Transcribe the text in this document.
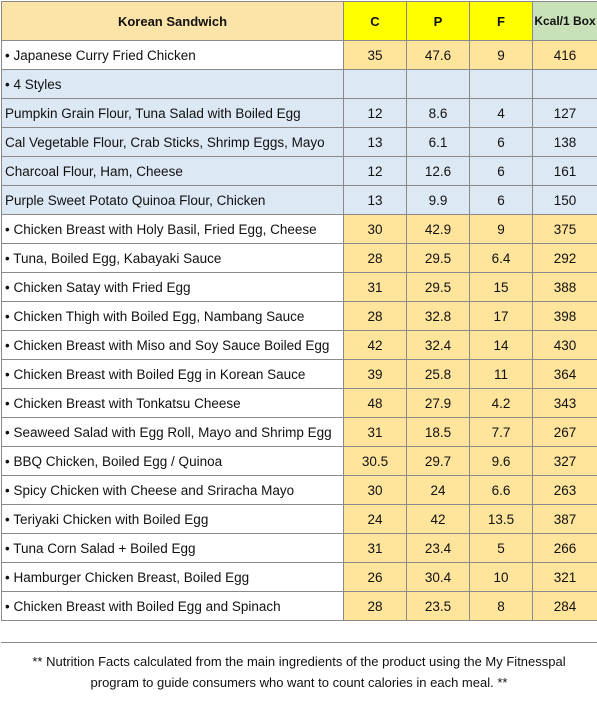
Korean Sandwich	C	P	F	Kcal/1 Box
• Japanese Curry Fried Chicken	35	47.6	9	416
• 4 Styles				
Pumpkin Grain Flour, Tuna Salad with Boiled Egg	12	8.6	4	127
Cal Vegetable Flour, Crab Sticks, Shrimp Eggs, Mayo	13	6.1	6	138
Charcoal Flour, Ham, Cheese	12	12.6	6	161
Purple Sweet Potato Quinoa Flour, Chicken	13	9.9	6	150
• Chicken Breast with Holy Basil, Fried Egg, Cheese	30	42.9	9	375
• Tuna, Boiled Egg, Kabayaki Sauce	28	29.5	6.4	292
• Chicken Satay with Fried Egg	31	29.5	15	388
• Chicken Thigh with Boiled Egg, Nambang Sauce	28	32.8	17	398
• Chicken Breast with Miso and Soy Sauce Boiled Egg	42	32.4	14	430
• Chicken Breast with Boiled Egg in Korean Sauce	39	25.8	11	364
• Chicken Breast with Tonkatsu Cheese	48	27.9	4.2	343
• Seaweed Salad with Egg Roll, Mayo and Shrimp Egg	31	18.5	7.7	267
• BBQ Chicken, Boiled Egg / Quinoa	30.5	29.7	9.6	327
• Spicy Chicken with Cheese and Sriracha Mayo	30	24	6.6	263
• Teriyaki Chicken with Boiled Egg	24	42	13.5	387
• Tuna Corn Salad + Boiled Egg	31	23.4	5	266
• Hamburger Chicken Breast, Boiled Egg	26	30.4	10	321
• Chicken Breast with Boiled Egg and Spinach	28	23.5	8	284
** Nutrition Facts calculated from the main ingredients of the product using the My Fitnesspal program to guide consumers who want to count calories in each meal. **
